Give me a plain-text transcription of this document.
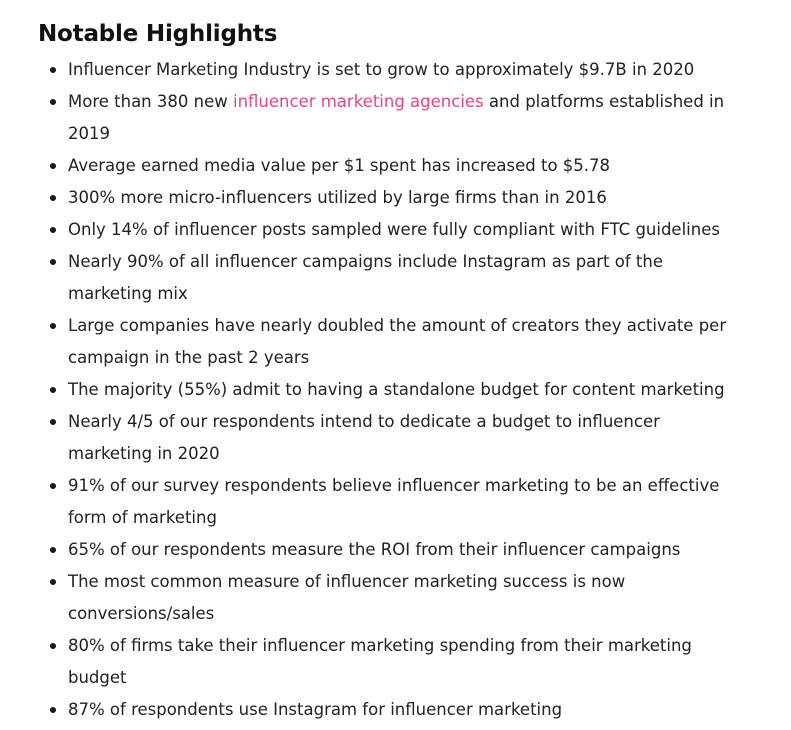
Notable Highlights
Influencer Marketing Industry is set to grow to approximately $9.7B in 2020
More than 380 new influencer marketing agencies and platforms established in 2019
Average earned media value per $1 spent has increased to $5.78
300% more micro-influencers utilized by large firms than in 2016
Only 14% of influencer posts sampled were fully compliant with FTC guidelines
Nearly 90% of all influencer campaigns include Instagram as part of the marketing mix
Large companies have nearly doubled the amount of creators they activate per campaign in the past 2 years
The majority (55%) admit to having a standalone budget for content marketing
Nearly 4/5 of our respondents intend to dedicate a budget to influencer marketing in 2020
91% of our survey respondents believe influencer marketing to be an effective form of marketing
65% of our respondents measure the ROI from their influencer campaigns
The most common measure of influencer marketing success is now conversions/sales
80% of firms take their influencer marketing spending from their marketing budget
87% of respondents use Instagram for influencer marketing
